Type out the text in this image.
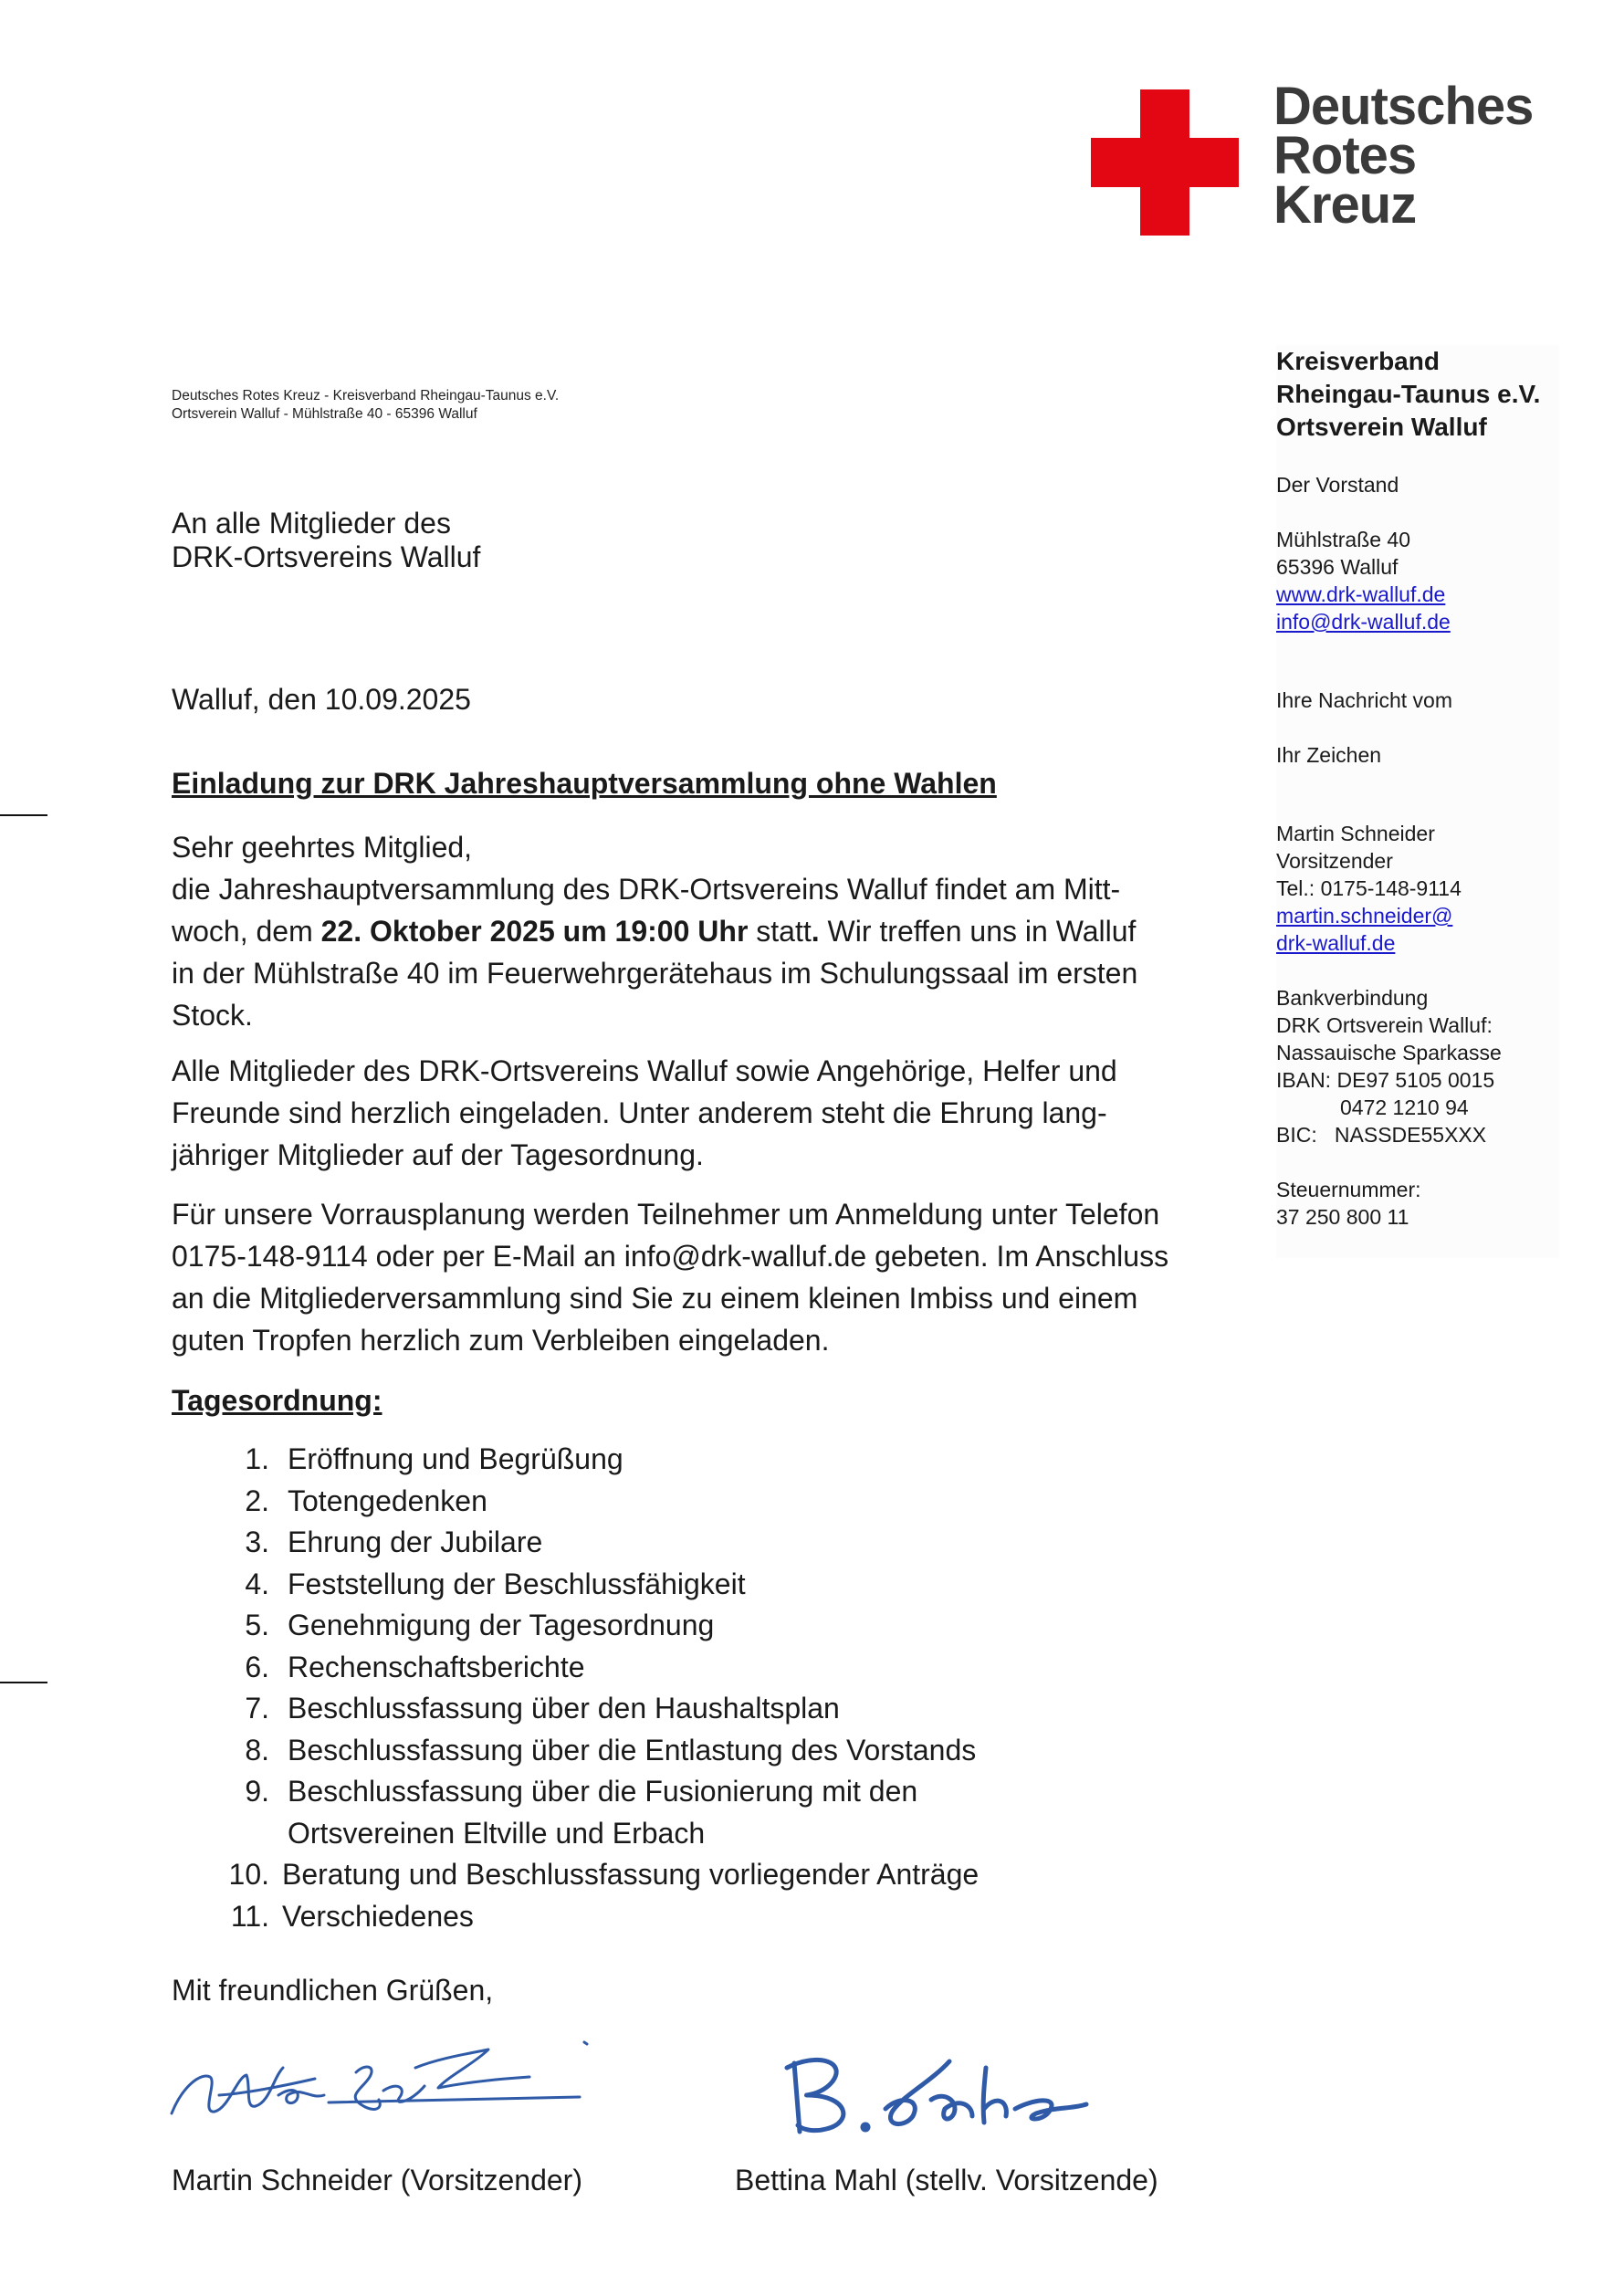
Deutsches
Rotes
Kreuz
Deutsches Rotes Kreuz - Kreisverband Rheingau-Taunus e.V.
Ortsverein Walluf - Mühlstraße 40 - 65396 Walluf
An alle Mitglieder des
DRK-Ortsvereins Walluf
Walluf, den 10.09.2025
Einladung zur DRK Jahreshauptversammlung ohne Wahlen
Sehr geehrtes Mitglied,
die Jahreshauptversammlung des DRK-Ortsvereins Walluf findet am Mitt-
woch, dem 22. Oktober 2025 um 19:00 Uhr statt. Wir treffen uns in Walluf
in der Mühlstraße 40 im Feuerwehrgerätehaus im Schulungssaal im ersten
Stock.
Alle Mitglieder des DRK-Ortsvereins Walluf sowie Angehörige, Helfer und
Freunde sind herzlich eingeladen. Unter anderem steht die Ehrung lang-
jähriger Mitglieder auf der Tagesordnung.
Für unsere Vorrausplanung werden Teilnehmer um Anmeldung unter Telefon
0175-148-9114 oder per E-Mail an info@drk-walluf.de gebeten. Im Anschluss
an die Mitgliederversammlung sind Sie zu einem kleinen Imbiss und einem
guten Tropfen herzlich zum Verbleiben eingeladen.
Tagesordnung:
1. Eröffnung und Begrüßung
2. Totengedenken
3. Ehrung der Jubilare
4. Feststellung der Beschlussfähigkeit
5. Genehmigung der Tagesordnung
6. Rechenschaftsberichte
7. Beschlussfassung über den Haushaltsplan
8. Beschlussfassung über die Entlastung des Vorstands
9. Beschlussfassung über die Fusionierung mit den
Ortsvereinen Eltville und Erbach
10. Beratung und Beschlussfassung vorliegender Anträge
11. Verschiedenes
Mit freundlichen Grüßen,
Martin Schneider (Vorsitzender)	Bettina Mahl (stellv. Vorsitzende)
Kreisverband
Rheingau-Taunus e.V.
Ortsverein Walluf
Der Vorstand
Mühlstraße 40
65396 Walluf
www.drk-walluf.de
info@drk-walluf.de
Ihre Nachricht vom
Ihr Zeichen
Martin Schneider
Vorsitzender
Tel.: 0175-148-9114
martin.schneider@
drk-walluf.de
Bankverbindung
DRK Ortsverein Walluf:
Nassauische Sparkasse
IBAN: DE97 5105 0015
0472 1210 94
BIC:   NASSDE55XXX
Steuernummer:
37 250 800 11
